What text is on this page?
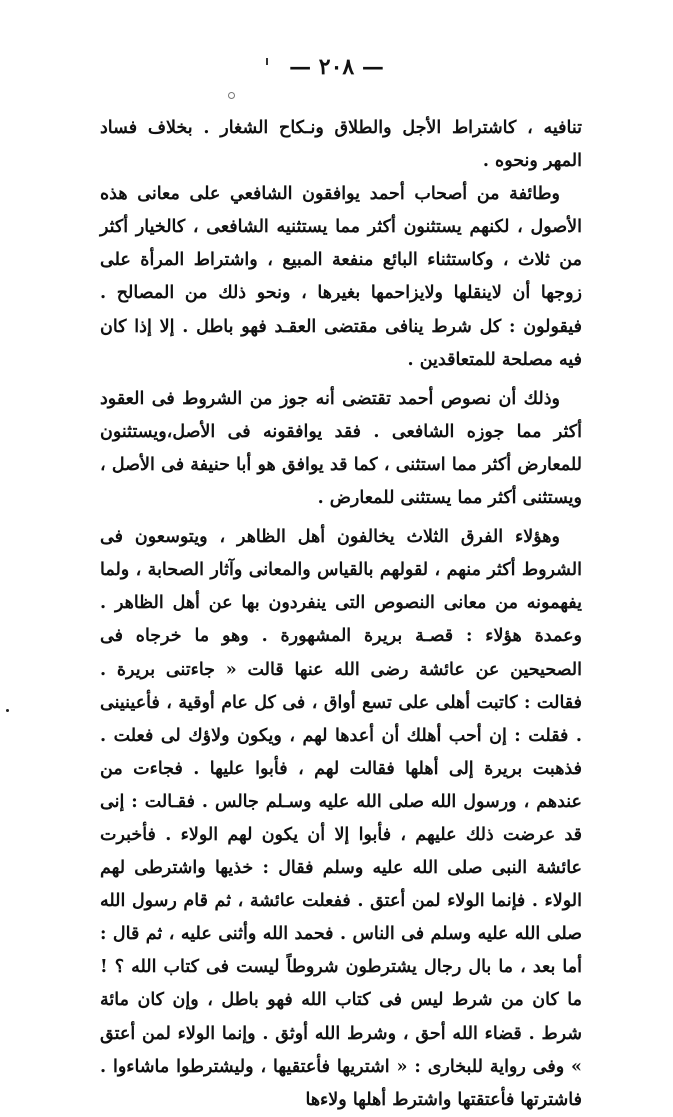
— ٢٠٨ —
تنافيه ، كاشتراط الأجل والطلاق ونـكاح الشغار . بخلاف فساد المهر ونحوه .
وطائفة من أصحاب أحمد يوافقون الشافعي على معانى هذه الأصول ، لكنهم يستثنون أكثر مما يستثنيه الشافعى ، كالخيار أكثر من ثلاث ، وكاستثناء البائع منفعة المبيع ، واشتراط المرأة على زوجها أن لاينقلها ولايزاحمها بغيرها ، ونحو ذلك من المصالح . فيقولون : كل شرط ينافى مقتضى العقـد فهو باطل . إلا إذا كان فيه مصلحة للمتعاقدين .
وذلك أن نصوص أحمد تقتضى أنه جوز من الشروط فى العقود أكثر مما جوزه الشافعى . فقد يوافقونه فى الأصل،ويستثنون للمعارض أكثر مما استثنى ، كما قد يوافق هو أبا حنيفة فى الأصل ، ويستثنى أكثر مما يستثنى للمعارض .
وهؤلاء الفرق الثلاث يخالفون أهل الظاهر ، ويتوسعون فى الشروط أكثر منهم ، لقولهم بالقياس والمعانى وآثار الصحابة ، ولما يفهمونه من معانى النصوص التى ينفردون بها عن أهل الظاهر . وعمدة هؤلاء : قصـة بريرة المشهورة . وهو ما خرجاه فى الصحيحين عن عائشة رضى الله عنها قالت « جاءتنى بريرة . فقالت : كاتبت أهلى على تسع أواق ، فى كل عام أوقية ، فأعينينى . فقلت : إن أحب أهلك أن أعدها لهم ، ويكون ولاؤك لى فعلت . فذهبت بريرة إلى أهلها فقالت لهم ، فأبوا عليها . فجاءت من عندهم ، ورسول الله صلى الله عليه وسـلم جالس . فقـالت : إنى قد عرضت ذلك عليهم ، فأبوا إلا أن يكون لهم الولاء . فأخبرت عائشة النبى صلى الله عليه وسلم فقال : خذيها واشترطى لهم الولاء . فإنما الولاء لمن أعتق . ففعلت عائشة ، ثم قام رسول الله صلى الله عليه وسلم فى الناس . فحمد الله وأثنى عليه ، ثم قال : أما بعد ، ما بال رجال يشترطون شروطاً ليست فى كتاب الله ؟ ! ما كان من شرط ليس فى كتاب الله فهو باطل ، وإن كان مائة شرط . قضاء الله أحق ، وشرط الله أوثق . وإنما الولاء لمن أعتق » وفى رواية للبخارى : « اشتريها فأعتقيها ، وليشترطوا ماشاءوا . فاشترتها فأعتقتها واشترط أهلها ولاءها
